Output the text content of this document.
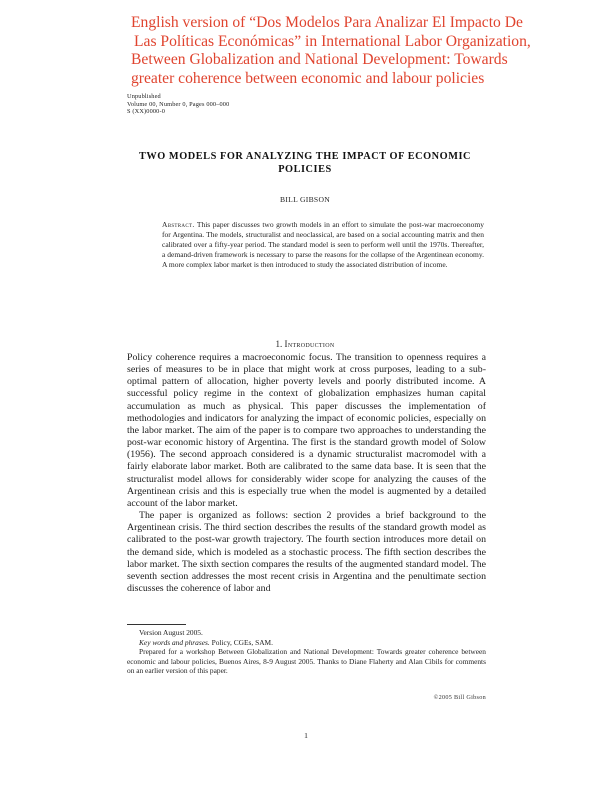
English version of “Dos Modelos Para Analizar El Impacto De
Las Políticas Económicas” in International Labor Organization,
Between Globalization and National Development: Towards
greater coherence between economic and labour policies
Unpublished
Volume 00, Number 0, Pages 000–000
S (XX)0000-0
TWO MODELS FOR ANALYZING THE IMPACT OF ECONOMIC
POLICIES
BILL GIBSON
Abstract. This paper discusses two growth models in an effort to simulate the post-war macroeconomy for Argentina. The models, structuralist and neoclassical, are based on a social accounting matrix and then calibrated over a fifty-year period. The standard model is seen to perform well until the 1970s. Thereafter, a demand-driven framework is necessary to parse the reasons for the collapse of the Argentinean economy. A more complex labor market is then introduced to study the associated distribution of income.
1. Introduction

Policy coherence requires a macroeconomic focus. The transition to openness requires a series of measures to be in place that might work at cross purposes, leading to a sub-optimal pattern of allocation, higher poverty levels and poorly distributed income. A successful policy regime in the context of globalization emphasizes human capital accumulation as much as physical. This paper discusses the implementation of methodologies and indicators for analyzing the impact of economic policies, especially on the labor market. The aim of the paper is to compare two approaches to understanding the post-war economic history of Argentina. The first is the standard growth model of Solow (1956). The second approach considered is a dynamic structuralist macromodel with a fairly elaborate labor market. Both are calibrated to the same data base. It is seen that the structuralist model allows for considerably wider scope for analyzing the causes of the Argentinean crisis and this is especially true when the model is augmented by a detailed account of the labor market.

The paper is organized as follows: section 2 provides a brief background to the Argentinean crisis. The third section describes the results of the standard growth model as calibrated to the post-war growth trajectory. The fourth section introduces more detail on the demand side, which is modeled as a stochastic process. The fifth section describes the labor market. The sixth section compares the results of the augmented standard model. The seventh section addresses the most recent crisis in Argentina and the penultimate section discusses the coherence of labor and

Version August 2005.

Key words and phrases. Policy, CGEs, SAM.

Prepared for a workshop Between Globalization and National Development: Towards greater coherence between economic and labour policies, Buenos Aires, 8-9 August 2005. Thanks to Diane Flaherty and Alan Cibils for comments on an earlier version of this paper.

©2005 Bill Gibson
1
